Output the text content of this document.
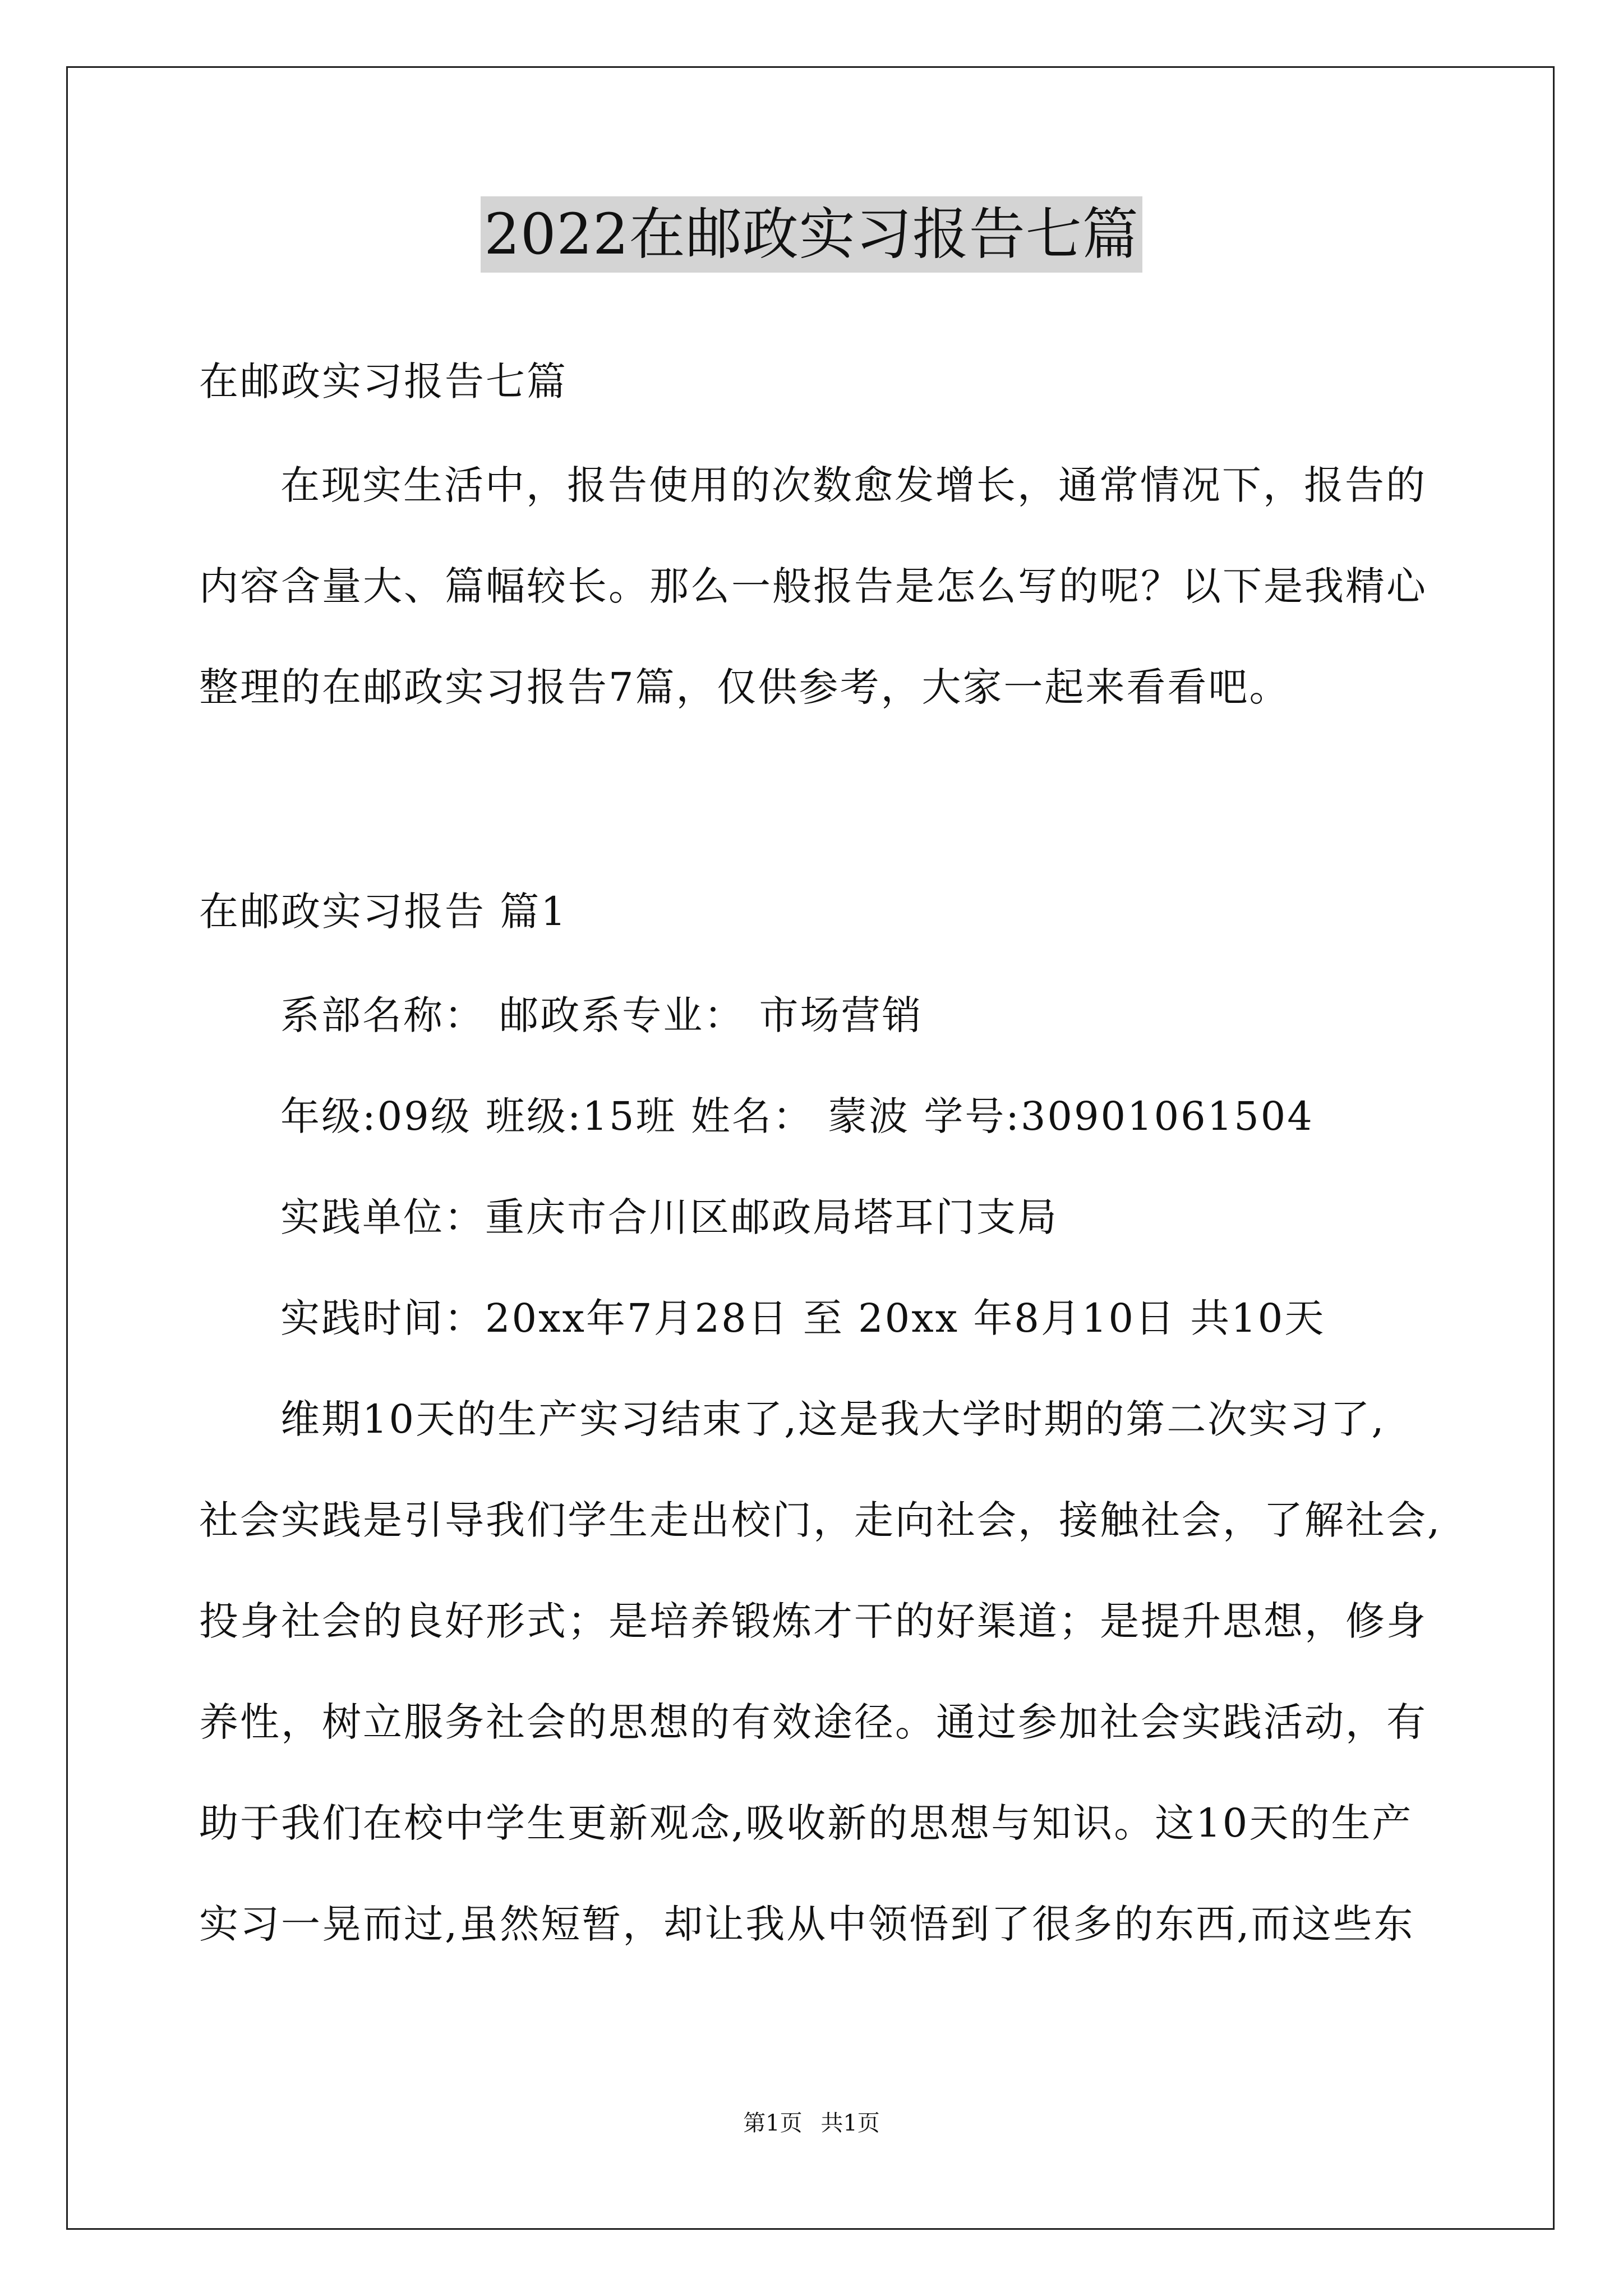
2022在邮政实习报告七篇
在邮政实习报告七篇
在现实生活中，报告使用的次数愈发增长，通常情况下，报告的
内容含量大、篇幅较长。那么一般报告是怎么写的呢？以下是我精心
整理的在邮政实习报告7篇，仅供参考，大家一起来看看吧。
在邮政实习报告 篇1
系部名称： 邮政系专业： 市场营销
年级:09级 班级:15班 姓名： 蒙波 学号:30901061504
实践单位：重庆市合川区邮政局塔耳门支局
实践时间：20xx年7月28日 至 20xx 年8月10日 共10天
维期10天的生产实习结束了,这是我大学时期的第二次实习了,
社会实践是引导我们学生走出校门，走向社会，接触社会，了解社会,
投身社会的良好形式；是培养锻炼才干的好渠道；是提升思想，修身
养性，树立服务社会的思想的有效途径。通过参加社会实践活动，有
助于我们在校中学生更新观念,吸收新的思想与知识。这10天的生产
实习一晃而过,虽然短暂，却让我从中领悟到了很多的东西,而这些东
第1页 共1页
